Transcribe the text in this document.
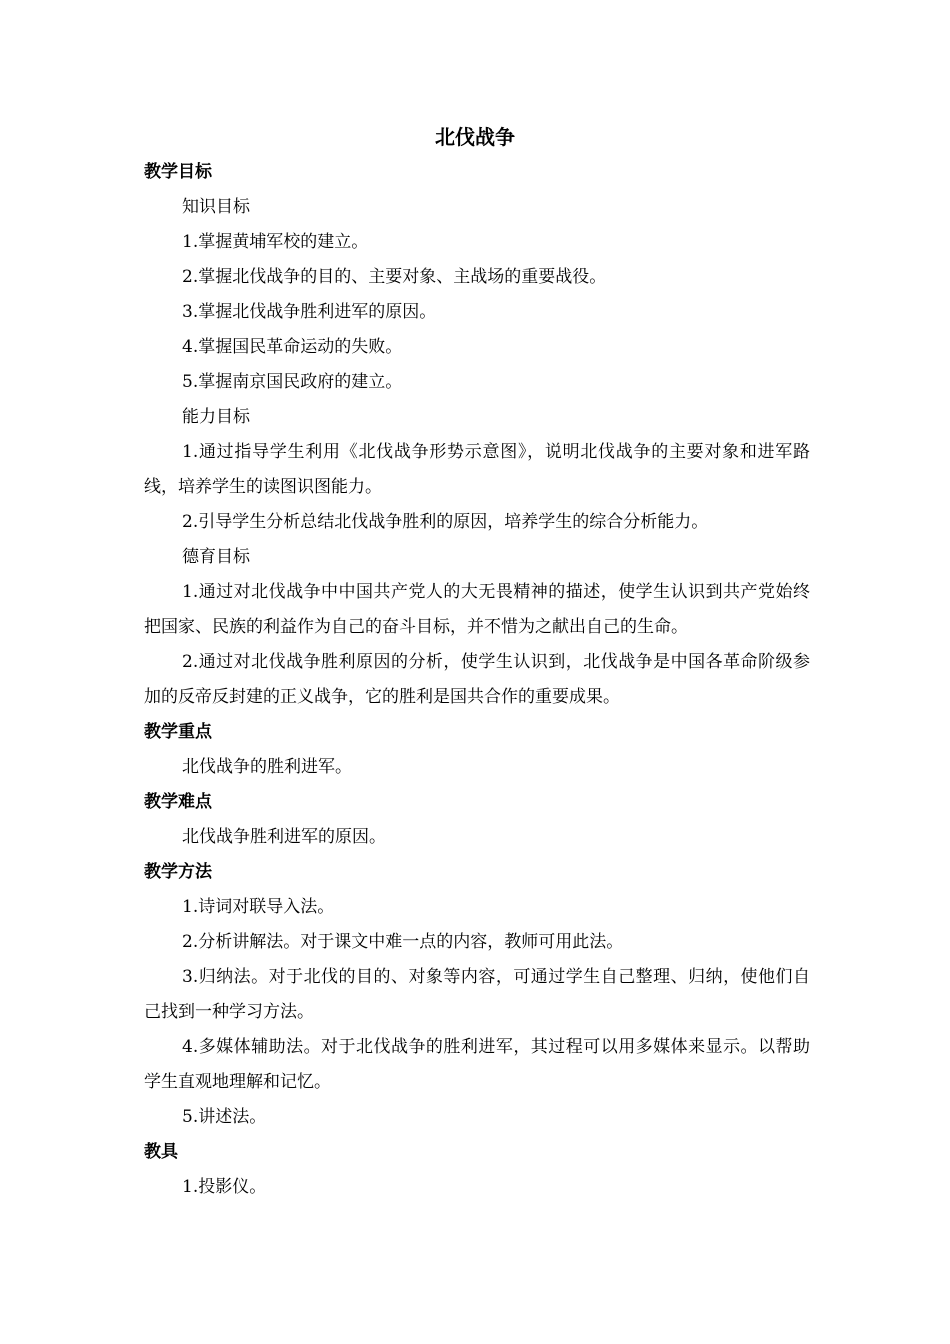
北伐战争

教学目标

知识目标

1.掌握黄埔军校的建立。

2.掌握北伐战争的目的、主要对象、主战场的重要战役。

3.掌握北伐战争胜利进军的原因。

4.掌握国民革命运动的失败。

5.掌握南京国民政府的建立。

能力目标

1.通过指导学生利用《北伐战争形势示意图》，说明北伐战争的主要对象和进军路线，培养学生的读图识图能力。

2.引导学生分析总结北伐战争胜利的原因，培养学生的综合分析能力。

德育目标

1.通过对北伐战争中中国共产党人的大无畏精神的描述，使学生认识到共产党始终把国家、民族的利益作为自己的奋斗目标，并不惜为之献出自己的生命。

2.通过对北伐战争胜利原因的分析，使学生认识到，北伐战争是中国各革命阶级参加的反帝反封建的正义战争，它的胜利是国共合作的重要成果。

教学重点

北伐战争的胜利进军。

教学难点

北伐战争胜利进军的原因。

教学方法

1.诗词对联导入法。

2.分析讲解法。对于课文中难一点的内容，教师可用此法。

3.归纳法。对于北伐的目的、对象等内容，可通过学生自己整理、归纳，使他们自己找到一种学习方法。

4.多媒体辅助法。对于北伐战争的胜利进军，其过程可以用多媒体来显示。以帮助学生直观地理解和记忆。

5.讲述法。

教具

1.投影仪。
